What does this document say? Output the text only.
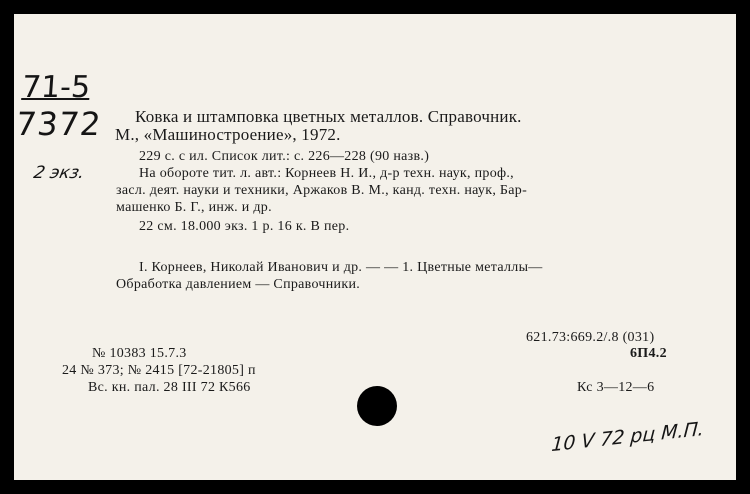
71-5
7372
2 экз.
Ковка и штамповка цветных металлов. Справочник.
М., «Машиностроение», 1972.
229 с. с ил. Список лит.: с. 226—228 (90 назв.)
На обороте тит. л. авт.: Корнеев Н. И., д-р техн. наук, проф.,
засл. деят. науки и техники, Аржаков В. М., канд. техн. наук, Бар-
машенко Б. Г., инж. и др.
22 см. 18.000 экз. 1 р. 16 к. В пер.
I. Корнеев, Николай Иванович и др. — — 1. Цветные металлы—
Обработка давлением — Справочники.
621.73:669.2/.8 (031)
6П4.2
Кс 3—12—6
№ 10383 15.7.3
24 № 373; № 2415 [72-21805] п
Вс. кн. пал. 28 III 72 К566
10 V 72 рц М.П.
